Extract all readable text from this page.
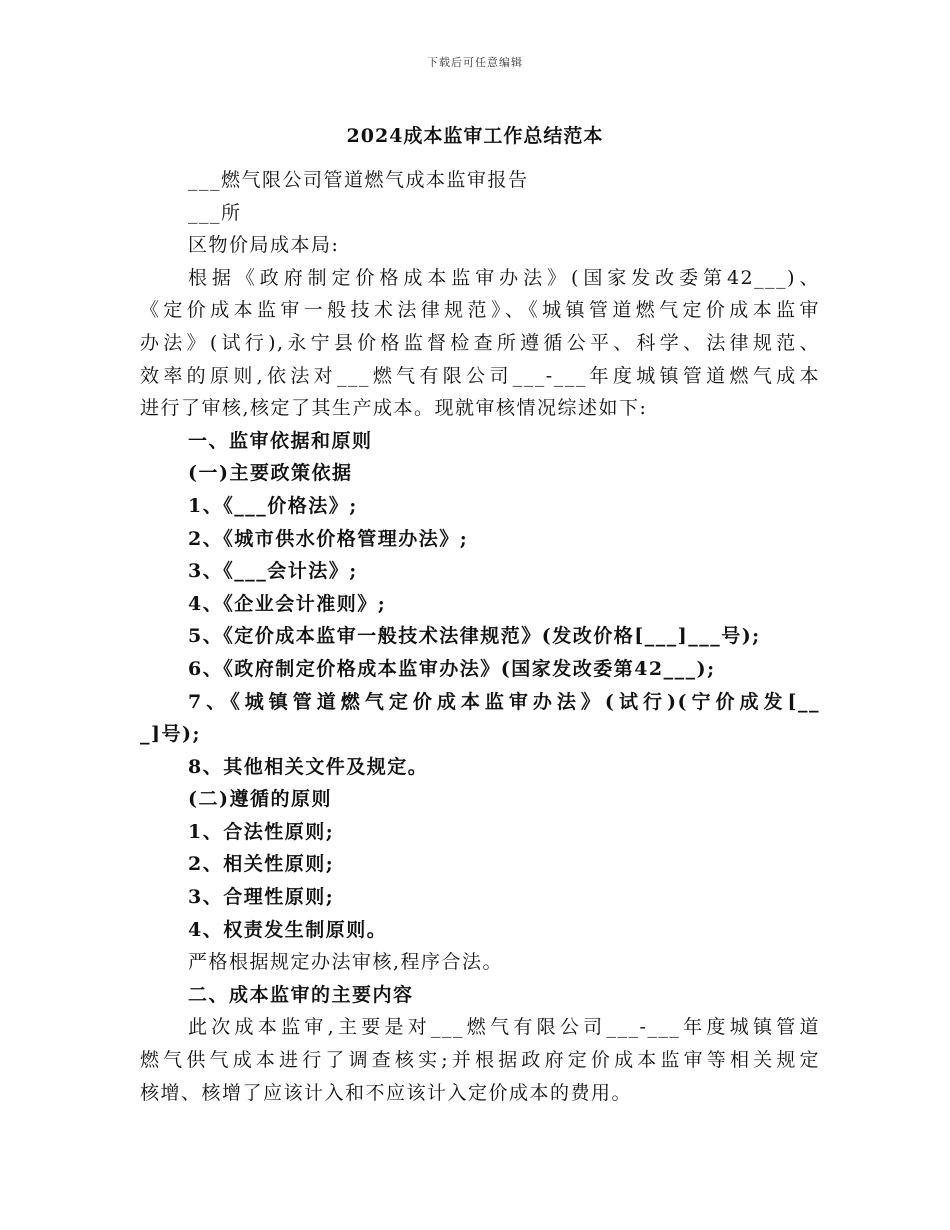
下载后可任意编辑
2024成本监审工作总结范本
___燃气限公司管道燃气成本监审报告
___所
区物价局成本局:
根据《政府制定价格成本监审办法》(国家发改委第42___)、
《定价成本监审一般技术法律规范》、《城镇管道燃气定价成本监审
办法》(试行),永宁县价格监督检查所遵循公平、科学、法律规范、
效率的原则,依法对___燃气有限公司___-___年度城镇管道燃气成本
进行了审核,核定了其生产成本。现就审核情况综述如下:
一、监审依据和原则
(一)主要政策依据
1、《___价格法》;
2、《城市供水价格管理办法》;
3、《___会计法》;
4、《企业会计准则》;
5、《定价成本监审一般技术法律规范》(发改价格[___]___号);
6、《政府制定价格成本监审办法》(国家发改委第42___);
7、《城镇管道燃气定价成本监审办法》(试行)(宁价成发[__
_]号);
8、其他相关文件及规定。
(二)遵循的原则
1、合法性原则;
2、相关性原则;
3、合理性原则;
4、权责发生制原则。
严格根据规定办法审核,程序合法。
二、成本监审的主要内容
此次成本监审,主要是对___燃气有限公司___-___年度城镇管道
燃气供气成本进行了调查核实;并根据政府定价成本监审等相关规定
核增、核增了应该计入和不应该计入定价成本的费用。
